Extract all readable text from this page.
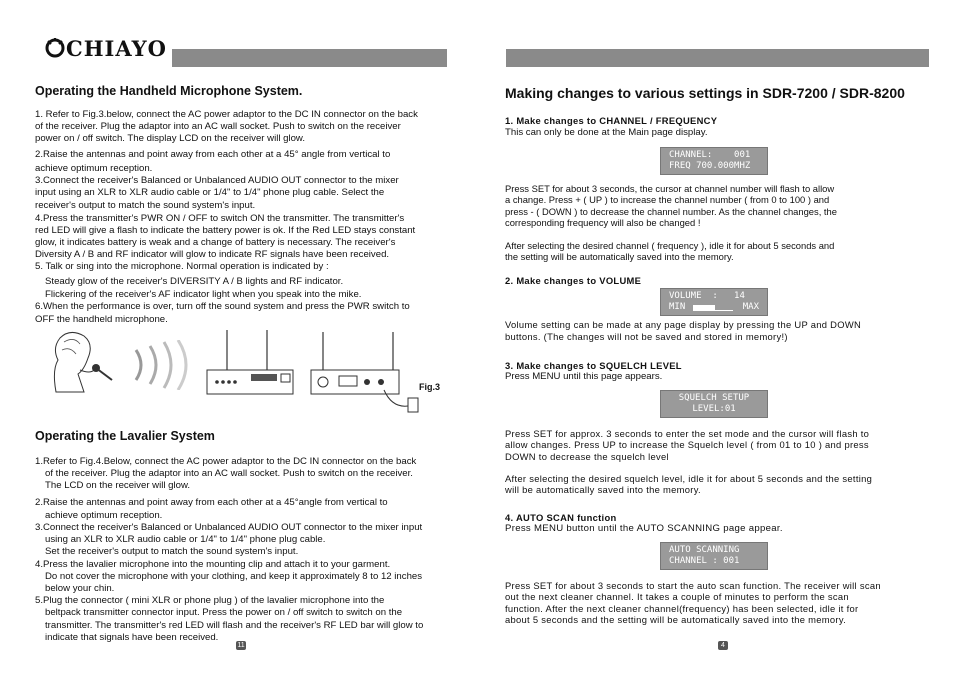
CHIAYO
Operating the Handheld Microphone System.

1. Refer to Fig.3.below, connect the AC power adaptor to the DC IN connector on the back

of the receiver. Plug the adaptor into an AC wall socket. Push to switch on the receiver

power on / off switch. The display LCD on the receiver will glow.

2.Raise the antennas and point away from each other at a 45° angle from vertical to

achieve optimum reception.

3.Connect the receiver's Balanced or Unbalanced AUDIO OUT connector to the mixer

input using an XLR to XLR audio cable or 1/4" to 1/4" phone plug cable. Select the

receiver's output to match the sound system's input.

4.Press the transmitter's PWR ON / OFF to switch ON the transmitter. The transmitter's

red LED will give a flash to indicate the battery power is ok. If the Red LED stays constant

glow, it indicates battery is weak and a change of battery is necessary. The receiver's

Diversity A / B and RF indicator will glow to indicate RF signals have been received.

5. Talk or sing into the microphone. Normal operation is indicated by :

Steady glow of the receiver's DIVERSITY A / B lights and RF indicator.

Flickering of the receiver's AF indicator light when you speak into the mike.

6.When the performance is over, turn off the sound system and press the PWR switch to

OFF the handheld microphone.

Fig.3
Operating the Lavalier System

1.Refer to Fig.4.Below, connect the AC power adaptor to the DC IN connector on the back

of the receiver. Plug the adaptor into an AC wall socket. Push to switch on the receiver.

The LCD on the receiver will glow.

2.Raise the antennas and point away from each other at a 45°angle from vertical to

achieve optimum reception.

3.Connect the receiver's Balanced or Unbalanced AUDIO OUT connector to the mixer input

using an XLR to XLR audio cable or 1/4" to 1/4" phone plug cable.

Set the receiver's output to match the sound system's input.

4.Press the lavalier microphone into the mounting clip and attach it to your garment.

Do not cover the microphone with your clothing, and keep it approximately 8 to 12 inches

below your chin.

5.Plug the connector ( mini XLR or phone plug ) of the lavalier microphone into the

beltpack transmitter connector input. Press the power on / off switch to switch on the

transmitter. The transmitter's red LED will flash and the receiver's RF LED bar will glow to

indicate that signals have been received.

11
Making changes to various settings in SDR-7200 / SDR-8200
1. Make changes to CHANNEL / FREQUENCY
This can only be done at the Main page display.
CHANNEL:    001
FREQ 700.000MHZ

Press SET for about 3 seconds, the cursor at channel number will flash to allow

a change. Press + ( UP ) to increase the channel number ( from 0 to 100 ) and

press - ( DOWN ) to decrease the channel number. As the channel changes, the

corresponding frequency will also be changed !

After selecting the desired channel ( frequency ), idle it for about 5 seconds and

the setting will be automatically saved into the memory.

2. Make changes to VOLUME
VOLUME  :   14
MIN	MAX

Volume setting can be made at any page display by pressing the UP and DOWN

buttons. (The changes will not be saved and stored in memory!)

3. Make changes to SQUELCH LEVEL
Press MENU until this page appears.
SQUELCH SETUP
LEVEL:01

Press SET for approx. 3 seconds to enter the set mode and the cursor will flash to

allow changes. Press UP to increase the Squelch level ( from 01 to 10 ) and press

DOWN to decrease the squelch level

After selecting the desired squelch level, idle it for about 5 seconds and the setting

will be automatically saved into the memory.

4. AUTO SCAN function
Press MENU button until the AUTO SCANNING page appear.
AUTO SCANNING
CHANNEL : 001

Press SET for about 3 seconds to start the auto scan function. The receiver will scan

out the next cleaner channel. It takes a couple of minutes to perform the scan

function. After the next cleaner channel(frequency) has been selected, idle it for

about 5 seconds and the setting will be automatically saved into the memory.

4
